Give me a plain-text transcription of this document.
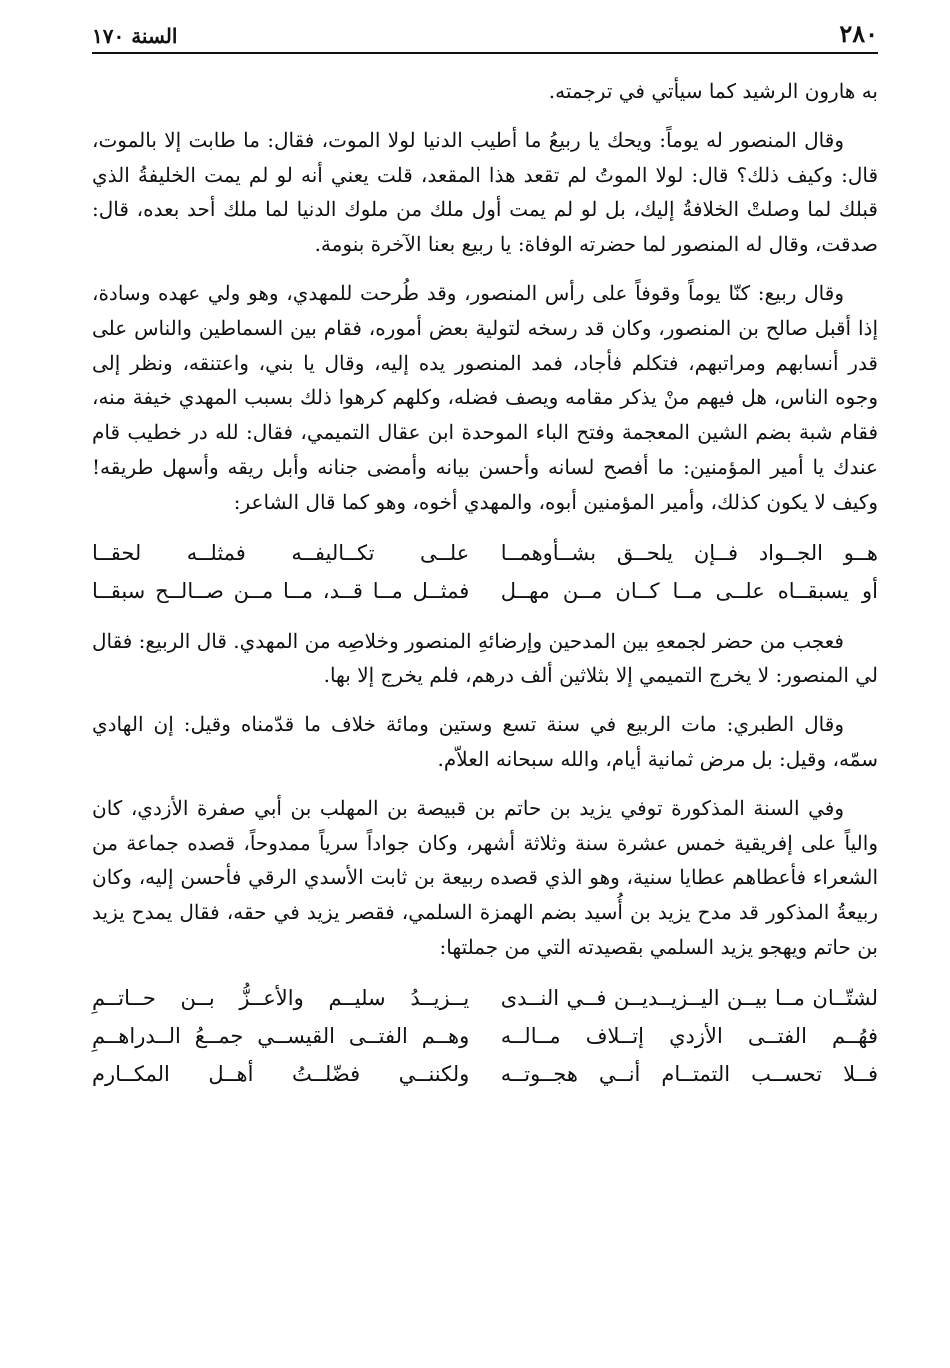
السنة ١٧٠	٢٨٠

به هارون الرشيد كما سيأتي في ترجمته.

وقال المنصور له يوماً: ويحك يا ربيعُ ما أطيب الدنيا لولا الموت، فقال: ما طابت إلا بالموت، قال: وكيف ذلك؟ قال: لولا الموتُ لم تقعد هذا المقعد، قلت يعني أنه لو لم يمت الخليفةُ الذي قبلك لما وصلتْ الخلافةُ إليك، بل لو لم يمت أول ملك من ملوك الدنيا لما ملك أحد بعده، قال: صدقت، وقال له المنصور لما حضرته الوفاة: يا ربيع بعنا الآخرة بنومة.

وقال ربيع: كنّا يوماً وقوفاً على رأس المنصور، وقد طُرحت للمهدي، وهو ولي عهده وسادة، إذا أقبل صالح بن المنصور، وكان قد رسخه لتولية بعض أموره، فقام بين السماطين والناس على قدر أنسابهم ومراتبهم، فتكلم فأجاد، فمد المنصور يده إليه، وقال يا بني، واعتنقه، ونظر إلى وجوه الناس، هل فيهم منْ يذكر مقامه ويصف فضله، وكلهم كرهوا ذلك بسبب المهدي خيفة منه، فقام شبة بضم الشين المعجمة وفتح الباء الموحدة ابن عقال التميمي، فقال: لله در خطيب قام عندك يا أمير المؤمنين: ما أفصح لسانه وأحسن بيانه وأمضى جنانه وأبل ريقه وأسهل طريقه! وكيف لا يكون كذلك، وأمير المؤمنين أبوه، والمهدي أخوه، وهو كما قال الشاعر:

هــو الجــواد فــإن يلحــق بشــأوهمــا
علــى تكــاليفــه فمثلــه لحقــا
أو يسبقــاه علــى مــا كــان مــن مهــل
فمثــل مــا قــد، مــا مــن صــالــح سبقــا

فعجب من حضر لجمعهِ بين المدحين وإرضائهِ المنصور وخلاصِه من المهدي. قال الربيع: فقال لي المنصور: لا يخرج التميمي إلا بثلاثين ألف درهم، فلم يخرج إلا بها.

وقال الطبري: مات الربيع في سنة تسع وستين ومائة خلاف ما قدّمناه وقيل: إن الهادي سمّه، وقيل: بل مرض ثمانية أيام، والله سبحانه العلاّم.

وفي السنة المذكورة توفي يزيد بن حاتم بن قبيصة بن المهلب بن أبي صفرة الأزدي، كان والياً على إفريقية خمس عشرة سنة وثلاثة أشهر، وكان جواداً سرياً ممدوحاً، قصده جماعة من الشعراء فأعطاهم عطايا سنية، وهو الذي قصده ربيعة بن ثابت الأسدي الرقي فأحسن إليه، وكان ربيعةُ المذكور قد مدح يزيد بن أُسيد بضم الهمزة السلمي، فقصر يزيد في حقه، فقال يمدح يزيد بن حاتم ويهجو يزيد السلمي بقصيدته التي من جملتها:

لشتّــان مــا بيــن اليــزيــديــن فــي النــدى
يــزيــدُ سليــم والأعــزُّ بــن حــاتــمِ
فهُــم الفتــى الأزدي إتــلاف مــالــه
وهــم الفتــى القيســي جمــعُ الــدراهــمِ
فــلا تحســب التمتــام أنــي هجــوتــه
ولكننــي فضّلــتُ أهــل المكــارم
